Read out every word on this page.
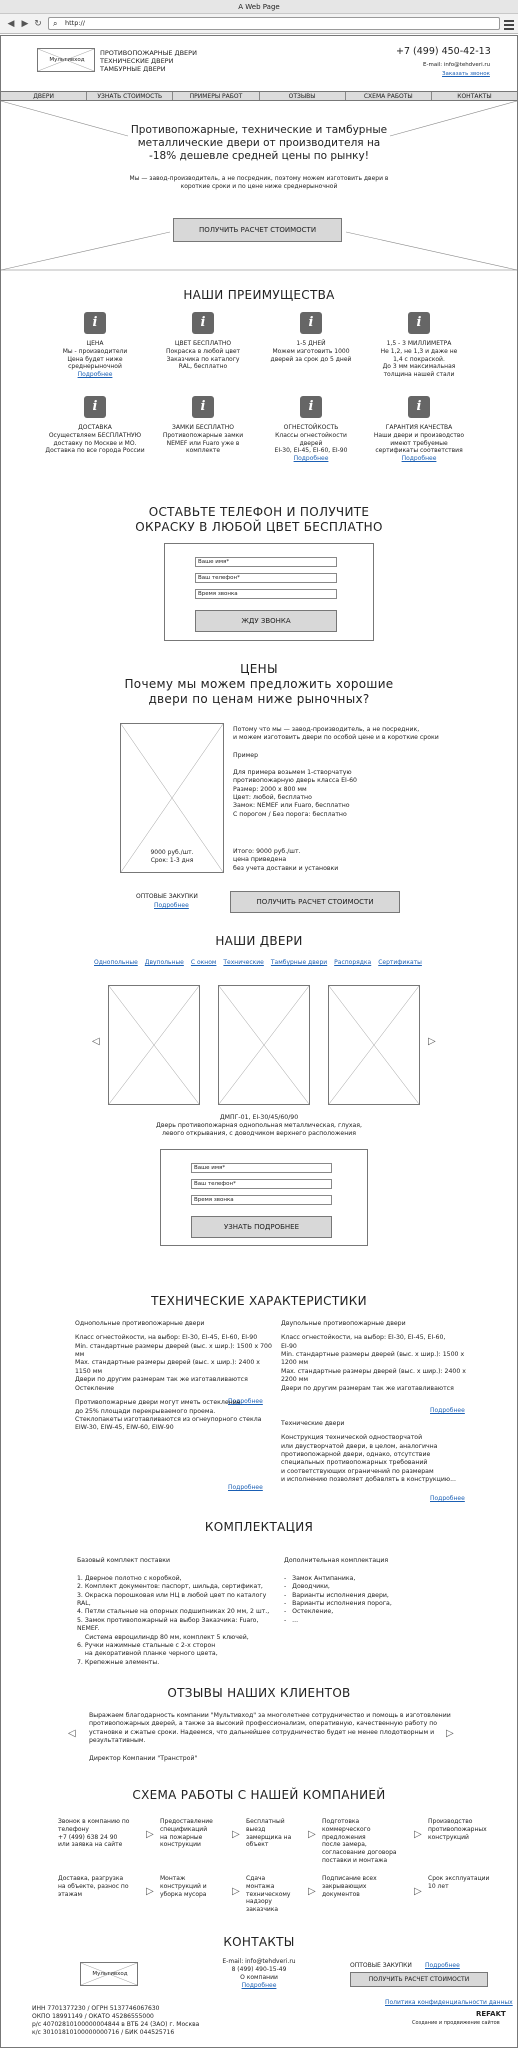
A Web Page
◀ ▶ ↻ ⌕ http://
Мультивход
ПРОТИВОПОЖАРНЫЕ ДВЕРИ
ТЕХНИЧЕСКИЕ ДВЕРИ
ТАМБУРНЫЕ ДВЕРИ
+7 (499) 450-42-13
E-mail: info@tehdveri.ru
Заказать звонок
ДВЕРИ	УЗНАТЬ СТОИМОСТЬ	ПРИМЕРЫ РАБОТ	ОТЗЫВЫ	СХЕМА РАБОТЫ	КОНТАКТЫ
Противопожарные, технические и тамбурные
металлические двери от производителя на
-18% дешевле средней цены по рынку!
Мы — завод-производитель, а не посредник, поэтому можем изготовить двери в
короткие сроки и по цене ниже среднерыночной
ПОЛУЧИТЬ РАСЧЕТ СТОИМОСТИ
НАШИ ПРЕИМУЩЕСТВА
i
ЦЕНА
Мы - производители
Цена будет ниже
среднерыночной
Подробнее
i
ЦВЕТ БЕСПЛАТНО
Покраска в любой цвет
Заказчика по каталогу
RAL, бесплатно
i
1-5 ДНЕЙ
Можем изготовить 1000
дверей за срок до 5 дней
i
1,5 - 3 МИЛЛИМЕТРА
Не 1,2, не 1,3 и даже не
1,4 с покраской.
До 3 мм максимальная
толщина нашей стали
i
ДОСТАВКА
Осуществляем БЕСПЛАТНУЮ
доставку по Москве и МО.
Доставка по все города России
i
ЗАМКИ БЕСПЛАТНО
Противопожарные замки
NEMEF или Fuaro уже в
комплекте
i
ОГНЕСТОЙКОСТЬ
Классы огнестойкости
дверей
EI-30, EI-45, EI-60, EI-90
Подробнее
i
ГАРАНТИЯ КАЧЕСТВА
Наши двери и производство
имеют требуемые
сертификаты соответствия
Подробнее
ОСТАВЬТЕ ТЕЛЕФОН И ПОЛУЧИТЕ
ОКРАСКУ В ЛЮБОЙ ЦВЕТ БЕСПЛАТНО
Ваше имя*
Ваш телефон*
Время звонка
ЖДУ ЗВОНКА
ЦЕНЫ
Почему мы можем предложить хорошие
двери по ценам ниже рыночных?
9000 руб./шт.
Срок: 1-3 дня
Потому что мы — завод-производитель, а не посредник,
и можем изготовить двери по особой цене и в короткие сроки
Пример
Для примера возьмем 1-створчатую
противопожарную дверь класса EI-60
Размер: 2000 х 800 мм
Цвет: любой, бесплатно
Замок: NEMEF или Fuaro, бесплатно
С порогом / Без порога: бесплатно
Итого: 9000 руб./шт.
цена приведена
без учета доставки и установки
ОПТОВЫЕ ЗАКУПКИ
Подробнее	ПОЛУЧИТЬ РАСЧЕТ СТОИМОСТИ
НАШИ ДВЕРИ
Однопольные Двупольные С окном Технические Тамбурные двери Распорядка Сертификаты
◁	▷
ДМПГ-01, EI-30/45/60/90
Дверь противопожарная однопольная металлическая, глухая,
левого открывания, с доводчиком верхнего расположения
Ваше имя*
Ваш телефон*
Время звонка
УЗНАТЬ ПОДРОБНЕЕ
ТЕХНИЧЕСКИЕ ХАРАКТЕРИСТИКИ
Однопольные противопожарные двери
Класс огнестойкости, на выбор: EI-30, EI-45, EI-60, EI-90
Min. стандартные размеры дверей (выс. x шир.): 1500 x 700
мм
Max. стандартные размеры дверей (выс. x шир.): 2400 x
1150 мм
Двери по другим размерам так же изготавливаются
Подробнее
Двупольные противопожарные двери
Класс огнестойкости, на выбор: EI-30, EI-45, EI-60,
EI-90
Min. стандартные размеры дверей (выс. x шир.): 1500 x
1200 мм
Max. стандартные размеры дверей (выс. x шир.): 2400 x
2200 мм
Двери по другим размерам так же изготавливаются
Подробнее
Остекление
Противопожарные двери могут иметь остекление
до 25% площади перекрываемого проема.
Стеклопакеты изготавливаются из огнеупорного стекла
EIW-30, EIW-45, EIW-60, EIW-90
Подробнее
Технические двери
Конструкция технической одностворчатой
или двустворчатой двери, в целом, аналогична
противопожарной двери, однако, отсутствие
специальных противопожарных требований
и соответствующих ограничений по размерам
и исполнению позволяет добавлять в конструкцию...
Подробнее
КОМПЛЕКТАЦИЯ
Базовый комплект поставки
1. Дверное полотно с коробкой,
2. Комплект документов: паспорт, шильда, сертификат,
3. Окраска порошковая или НЦ в любой цвет по каталогу
RAL,
4. Петли стальные на опорных подшипниках 20 мм, 2 шт.,
5. Замок противопожарный на выбор Заказчика: Fuaro,
NEMEF.
Система евроцилиндр 80 мм, комплект 5 ключей,
6. Ручки нажимные стальные с 2-х сторон
на декоративной планке черного цвета,
7. Крепежные элементы.
Дополнительная комплектация
-   Замок Антипаника,
-   Доводчики,
-   Варианты исполнения двери,
-   Варианты исполнения порога,
-   Остекление,
-   ...
ОТЗЫВЫ НАШИХ КЛИЕНТОВ
◁	▷
Выражаем благодарность компании "Мультивход" за многолетнее сотрудничество и помощь в изготовлении
противопожарных дверей, а также за высокий профессионализм, оперативную, качественную работу по
установке и сжатые сроки. Надеемся, что дальнейшее сотрудничество будет не менее плодотворным и
результативным.
Директор Компании "Транстрой"
СХЕМА РАБОТЫ С НАШЕЙ КОМПАНИЕЙ
Звонок в компанию по
телефону
+7 (499) 638 24 90
или заявка на сайте
▷
Предоставление
спецификаций
на пожарные
конструкции
▷
Бесплатный
выезд
замерщика на
объект
▷
Подготовка
коммерческого
предложения
после замера,
согласование договора
поставки и монтажа
▷
Производство
противопожарных
конструкций
Доставка, разгрузка
на объекте, разнос по
этажам	▷
Монтаж
конструкций и
уборка мусора	▷
Сдача
монтажа
техническому
надзору
заказчика
▷
Подписание всех
закрывающих
документов	▷
Срок эксплуатации
10 лет
КОНТАКТЫ
Мультивход
E-mail: info@tehdveri.ru
8 (499) 490-15-49
О компании
Подробнее
ОПТОВЫЕ ЗАКУПКИ Подробнее
ПОЛУЧИТЬ РАСЧЕТ СТОИМОСТИ
Политика конфиденциальности данных
ИНН 7701377230 / ОГРН 5137746067630
ОКПО 18991149 / ОКАТО 45286555000
р/с 40702810100000004844 в ВТБ 24 (ЗАО) г. Москва
к/с 30101810100000000716 / БИК 044525716
REFAKT
Создание и продвижение сайтов
